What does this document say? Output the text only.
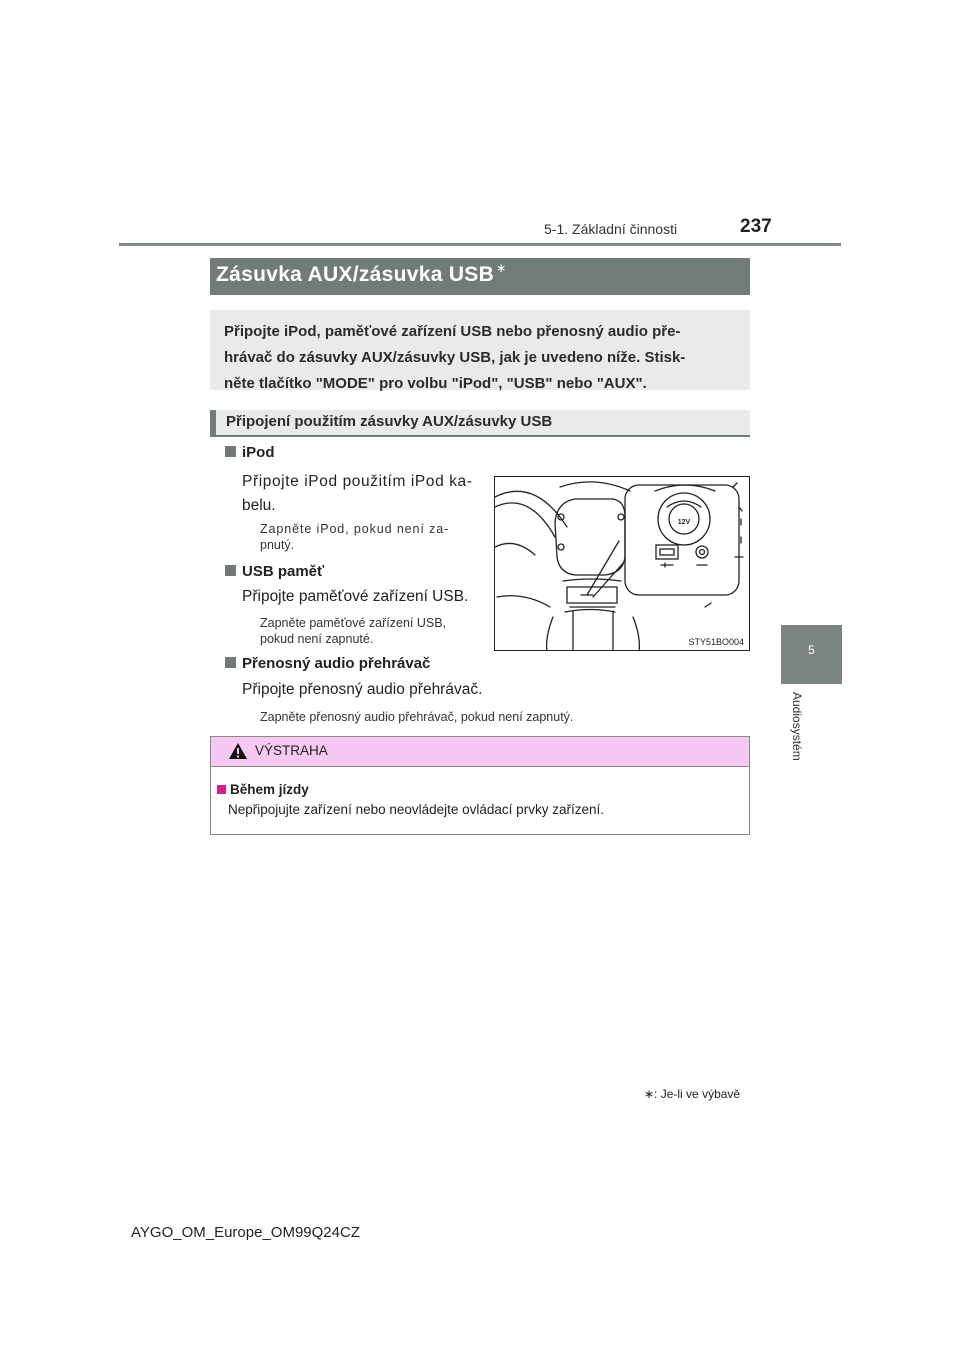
5-1. Základní činnosti	237
5
Audiosystém
Zásuvka AUX/zásuvka USB ∗
Připojte iPod, paměťové zařízení USB nebo přenosný audio pře-
hrávač do zásuvky AUX/zásuvky USB, jak je uvedeno níže. Stisk-
něte tlačítko "MODE" pro volbu "iPod", "USB" nebo "AUX".
Připojení použitím zásuvky AUX/zásuvky USB
iPod
Připojte iPod použitím iPod ka-
belu.
Zapněte iPod, pokud není za-
pnutý.
USB paměť
Připojte paměťové zařízení USB.
Zapněte paměťové zařízení USB,
pokud není zapnuté.
Přenosný audio přehrávač
Připojte přenosný audio přehrávač.
Zapněte přenosný audio přehrávač, pokud není zapnutý.
12V
STY51BO004
VÝSTRAHA
Během jízdy
Nepřipojujte zařízení nebo neovládejte ovládací prvky zařízení.
∗: Je-li ve výbavě
AYGO_OM_Europe_OM99Q24CZ
